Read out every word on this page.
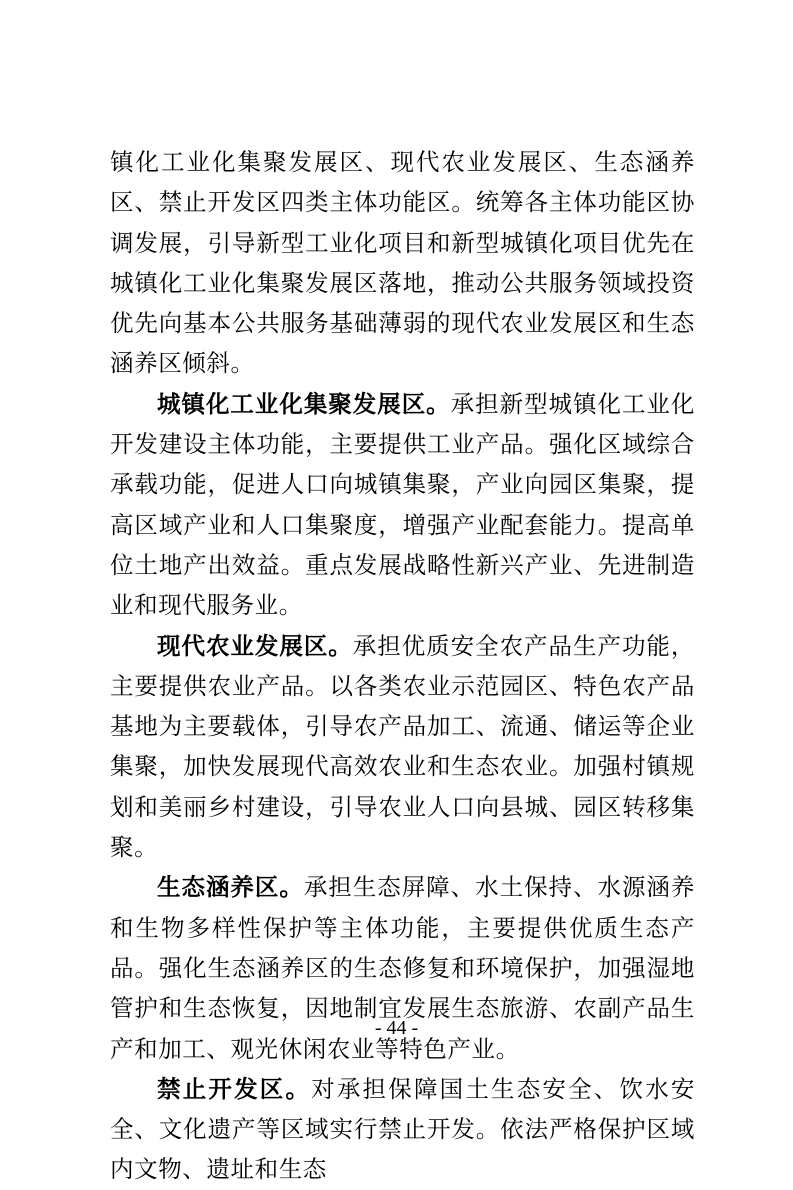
镇化工业化集聚发展区、现代农业发展区、生态涵养区、禁止开发区四类主体功能区。统筹各主体功能区协调发展，引导新型工业化项目和新型城镇化项目优先在城镇化工业化集聚发展区落地，推动公共服务领域投资优先向基本公共服务基础薄弱的现代农业发展区和生态涵养区倾斜。

城镇化工业化集聚发展区。承担新型城镇化工业化开发建设主体功能，主要提供工业产品。强化区域综合承载功能，促进人口向城镇集聚，产业向园区集聚，提高区域产业和人口集聚度，增强产业配套能力。提高单位土地产出效益。重点发展战略性新兴产业、先进制造业和现代服务业。

现代农业发展区。承担优质安全农产品生产功能，主要提供农业产品。以各类农业示范园区、特色农产品基地为主要载体，引导农产品加工、流通、储运等企业集聚，加快发展现代高效农业和生态农业。加强村镇规划和美丽乡村建设，引导农业人口向县城、园区转移集聚。

生态涵养区。承担生态屏障、水土保持、水源涵养和生物多样性保护等主体功能，主要提供优质生态产品。强化生态涵养区的生态修复和环境保护，加强湿地管护和生态恢复，因地制宜发展生态旅游、农副产品生产和加工、观光休闲农业等特色产业。

禁止开发区。对承担保障国土生态安全、饮水安全、文化遗产等区域实行禁止开发。依法严格保护区域内文物、遗址和生态

- 44 -
